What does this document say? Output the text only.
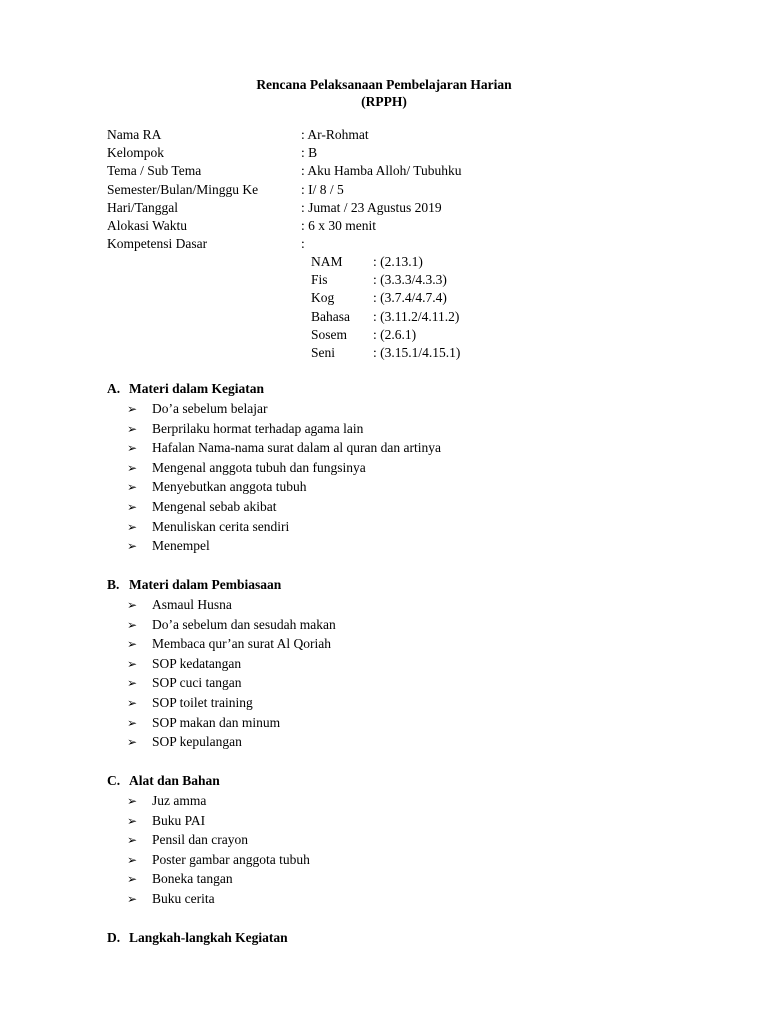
Rencana Pelaksanaan Pembelajaran Harian
(RPPH)
Nama RA	: Ar-Rohmat
Kelompok	: B
Tema / Sub Tema	: Aku Hamba Alloh/ Tubuhku
Semester/Bulan/Minggu Ke	: I/ 8 / 5
Hari/Tanggal	: Jumat / 23 Agustus 2019
Alokasi Waktu	: 6 x 30 menit
Kompetensi Dasar	:
NAM : (2.13.1)
Fis	: (3.3.3/4.3.3)
Kog	: (3.7.4/4.7.4)
Bahasa : (3.11.2/4.11.2)
Sosem : (2.6.1)
Seni	: (3.15.1/4.15.1)
A. Materi dalam Kegiatan
➢ Do’a sebelum belajar
➢ Berprilaku hormat terhadap agama lain
➢ Hafalan Nama-nama surat dalam al quran dan artinya
➢ Mengenal anggota tubuh dan fungsinya
➢ Menyebutkan anggota tubuh
➢ Mengenal sebab akibat
➢ Menuliskan cerita sendiri
➢ Menempel
B. Materi dalam Pembiasaan
➢ Asmaul Husna
➢ Do’a sebelum dan sesudah makan
➢ Membaca qur’an surat Al Qoriah
➢ SOP kedatangan
➢ SOP cuci tangan
➢ SOP toilet training
➢ SOP makan dan minum
➢ SOP kepulangan
C. Alat dan Bahan
➢ Juz amma
➢ Buku PAI
➢ Pensil dan crayon
➢ Poster gambar anggota tubuh
➢ Boneka tangan
➢ Buku cerita
D. Langkah-langkah Kegiatan
